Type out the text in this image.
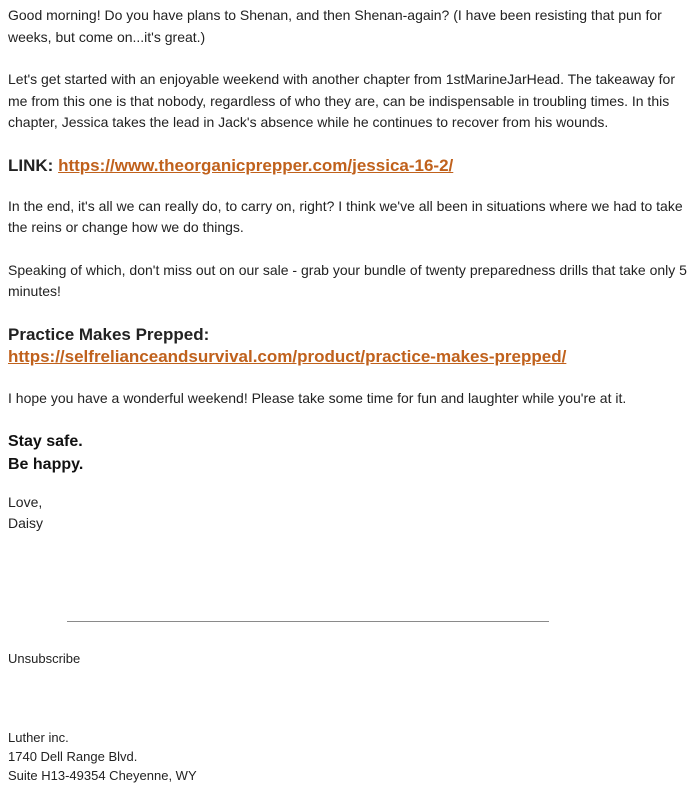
Good morning! Do you have plans to Shenan, and then Shenan-again? (I have been resisting that pun for weeks, but come on...it's great.)

Let's get started with an enjoyable weekend with another chapter from 1stMarineJarHead. The takeaway for me from this one is that nobody, regardless of who they are, can be indispensable in troubling times. In this chapter, Jessica takes the lead in Jack's absence while he continues to recover from his wounds.

LINK: https://www.theorganicprepper.com/jessica-16-2/

In the end, it's all we can really do, to carry on, right? I think we've all been in situations where we had to take the reins or change how we do things.

Speaking of which, don't miss out on our sale - grab your bundle of twenty preparedness drills that take only 5 minutes!

Practice Makes Prepped:
https://selfrelianceandsurvival.com/product/practice-makes-prepped/

I hope you have a wonderful weekend! Please take some time for fun and laughter while you're at it.

Stay safe.
Be happy.

Love,

Daisy

Unsubscribe
Luther inc.
1740 Dell Range Blvd.
Suite H13-49354 Cheyenne, WY
